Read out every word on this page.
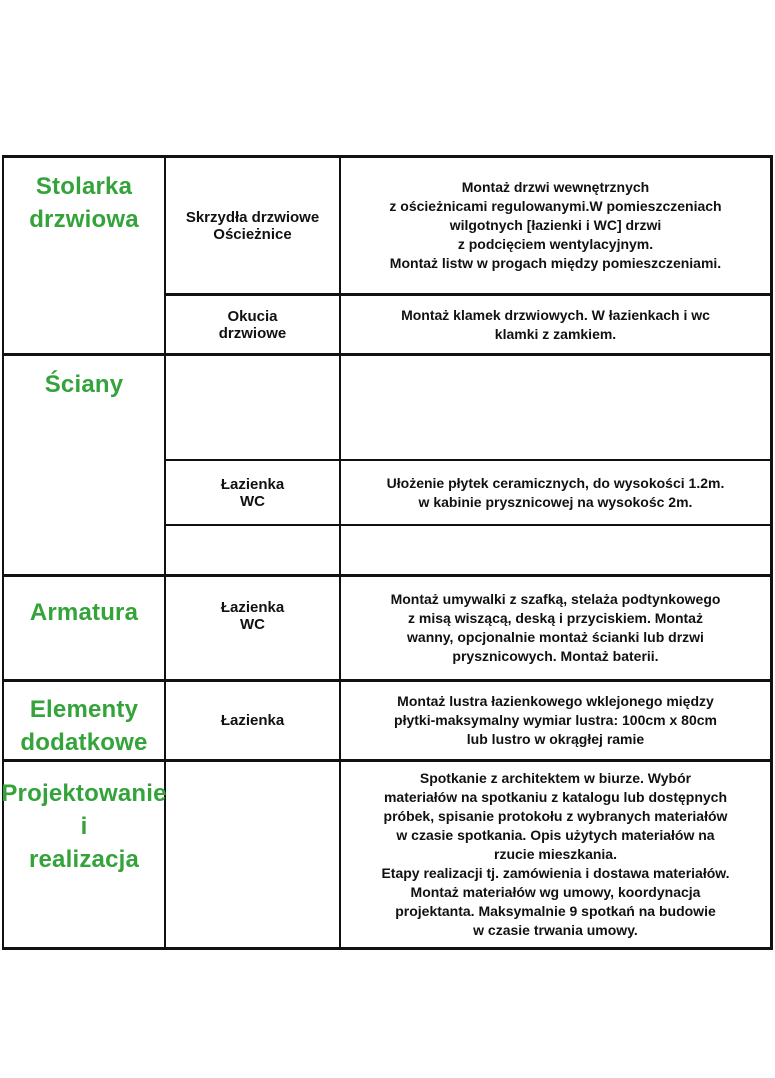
Stolarka
drzwiowa
Ściany
Armatura
Elementy
dodatkowe
Projektowanie
i
realizacja
Skrzydła drzwiowe
Ościeżnice
Montaż drzwi wewnętrznych
z ościeżnicami regulowanymi.W pomieszczeniach
wilgotnych [łazienki i WC] drzwi
z podcięciem wentylacyjnym.
Montaż listw w progach między pomieszczeniami.
Okucia
drzwiowe
Montaż klamek drzwiowych. W łazienkach i wc
klamki z zamkiem.
Łazienka
WC
Ułożenie płytek ceramicznych, do wysokości 1.2m.
w kabinie prysznicowej na wysokośc 2m.
Łazienka
WC
Montaż umywalki z szafką, stelaża podtynkowego
z misą wiszącą, deską i przyciskiem. Montaż
wanny, opcjonalnie montaż ścianki lub drzwi
prysznicowych. Montaż baterii.
Łazienka
Montaż lustra łazienkowego wklejonego między
płytki-maksymalny wymiar lustra: 100cm x 80cm
lub lustro w okrągłej ramie
Spotkanie z architektem w biurze. Wybór
materiałów na spotkaniu z katalogu lub dostępnych
próbek, spisanie protokołu z wybranych materiałów
w czasie spotkania. Opis użytych materiałów na
rzucie mieszkania.
Etapy realizacji tj. zamówienia i dostawa materiałów.
Montaż materiałów wg umowy, koordynacja
projektanta. Maksymalnie 9 spotkań na budowie
w czasie trwania umowy.
